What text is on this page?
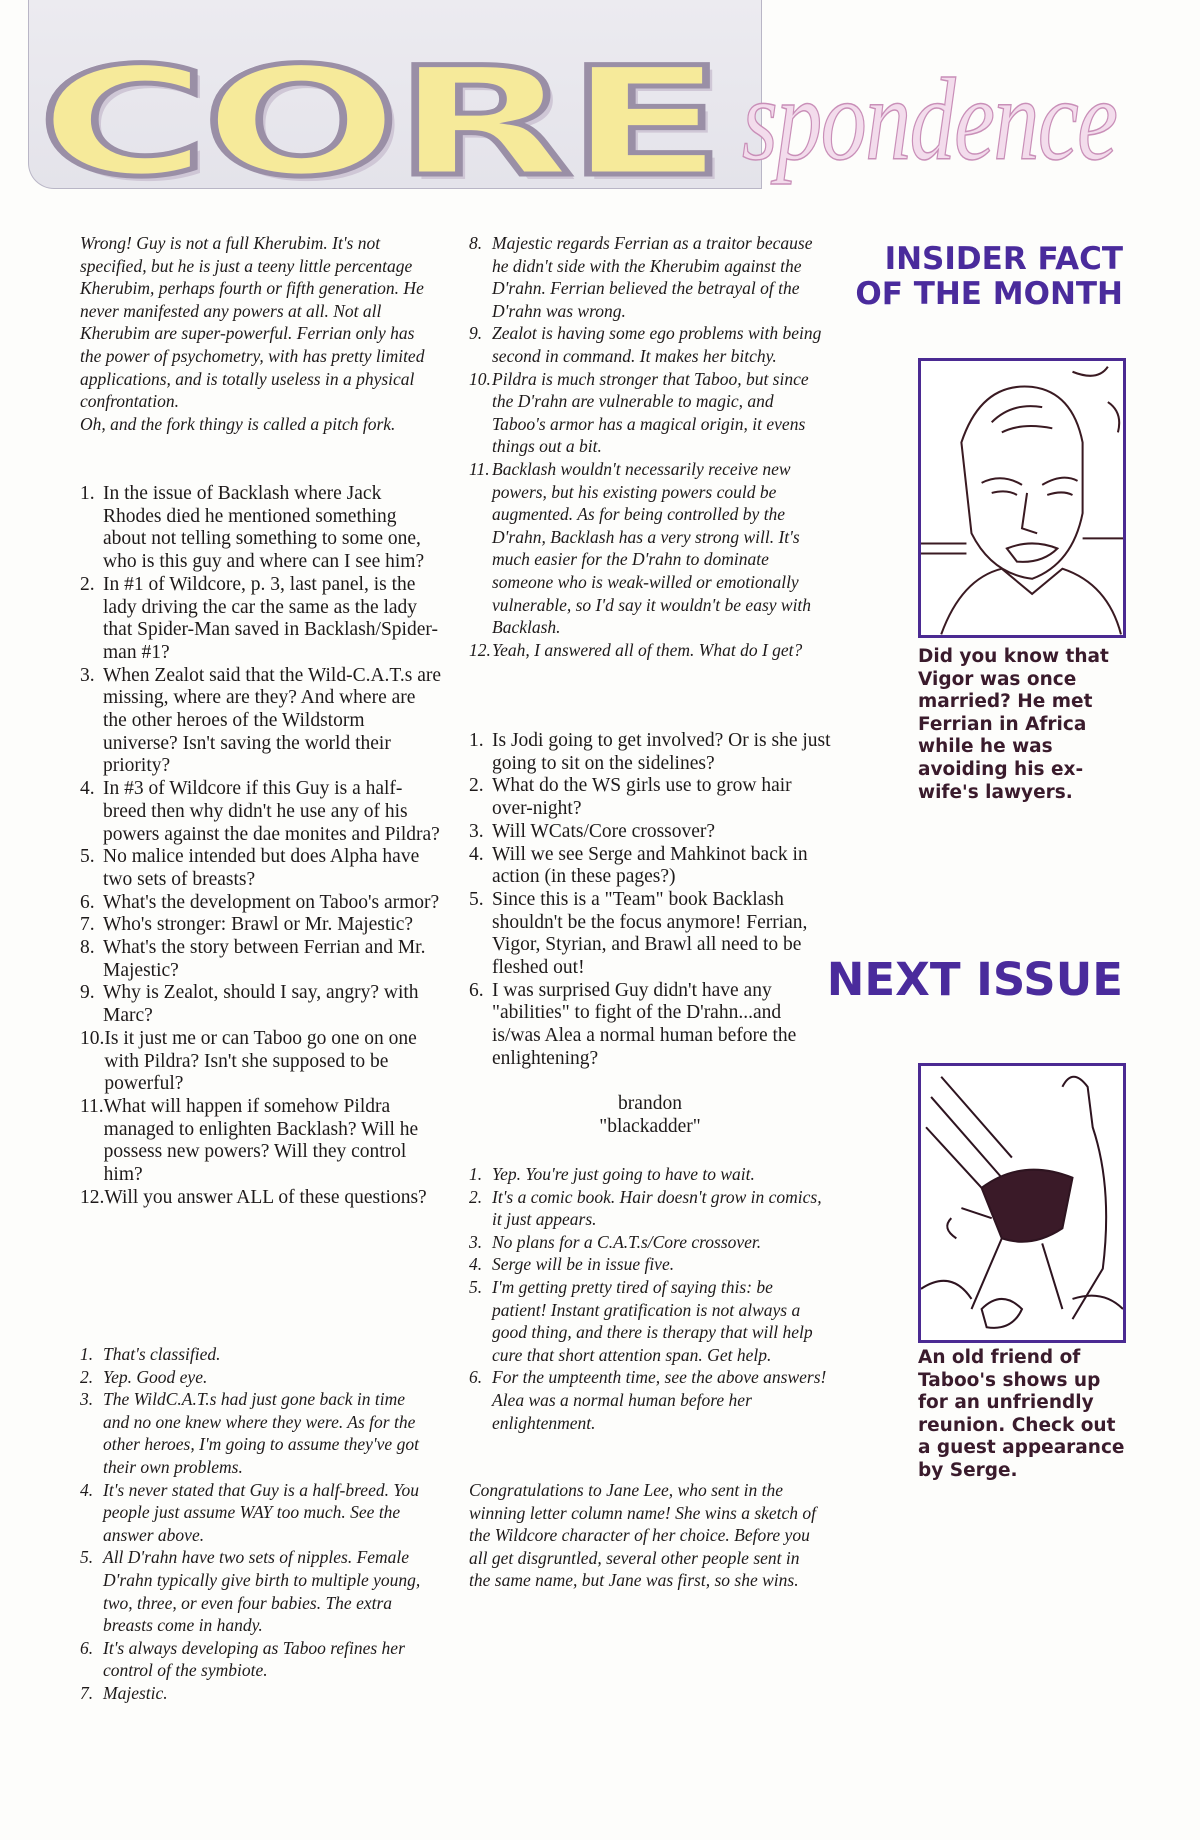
CORE spondence
Wrong! Guy is not a full Kherubim. It's not specified, but he is just a teeny little percentage Kherubim, perhaps fourth or fifth generation. He never manifested any powers at all. Not all Kherubim are super-powerful. Ferrian only has the power of psychometry, with has pretty limited applications, and is totally useless in a physical confrontation.
Oh, and the fork thingy is called a pitch fork.
1. In the issue of Backlash where Jack Rhodes died he mentioned something about not telling something to some one, who is this guy and where can I see him?
2. In #1 of Wildcore, p. 3, last panel, is the lady driving the car the same as the lady that Spider-Man saved in Backlash/Spider-man #1?
3. When Zealot said that the Wild-C.A.T.s are missing, where are they? And where are the other heroes of the Wildstorm universe? Isn't saving the world their priority?
4. In #3 of Wildcore if this Guy is a half-breed then why didn't he use any of his powers against the dae monites and Pildra?
5. No malice intended but does Alpha have two sets of breasts?
6. What's the development on Taboo's armor?
7. Who's stronger: Brawl or Mr. Majestic?
8. What's the story between Ferrian and Mr. Majestic?
9. Why is Zealot, should I say, angry? with Marc?
10. Is it just me or can Taboo go one on one with Pildra? Isn't she supposed to be powerful?
11. What will happen if somehow Pildra managed to enlighten Backlash? Will he possess new powers? Will they control him?
12. Will you answer ALL of these questions?
1. That's classified.
2. Yep. Good eye.
3. The WildC.A.T.s had just gone back in time and no one knew where they were. As for the other heroes, I'm going to assume they've got their own problems.
4. It's never stated that Guy is a half-breed. You people just assume WAY too much. See the answer above.
5. All D'rahn have two sets of nipples. Female D'rahn typically give birth to multiple young, two, three, or even four babies. The extra breasts come in handy.
6. It's always developing as Taboo refines her control of the symbiote.
7. Majestic.
8. Majestic regards Ferrian as a traitor because he didn't side with the Kherubim against the D'rahn. Ferrian believed the betrayal of the D'rahn was wrong.
9. Zealot is having some ego problems with being second in command. It makes her bitchy.
10. Pildra is much stronger that Taboo, but since the D'rahn are vulnerable to magic, and Taboo's armor has a magical origin, it evens things out a bit.
11. Backlash wouldn't necessarily receive new powers, but his existing powers could be augmented. As for being controlled by the D'rahn, Backlash has a very strong will. It's much easier for the D'rahn to dominate someone who is weak-willed or emotionally vulnerable, so I'd say it wouldn't be easy with Backlash.
12. Yeah, I answered all of them. What do I get?
1. Is Jodi going to get involved? Or is she just going to sit on the sidelines?
2. What do the WS girls use to grow hair over-night?
3. Will WCats/Core crossover?
4. Will we see Serge and Mahkinot back in action (in these pages?)
5. Since this is a "Team" book Backlash shouldn't be the focus anymore! Ferrian, Vigor, Styrian, and Brawl all need to be fleshed out!
6. I was surprised Guy didn't have any "abilities" to fight of the D'rahn...and is/was Alea a normal human before the enlightening?
brandon
"blackadder"
1. Yep. You're just going to have to wait.
2. It's a comic book. Hair doesn't grow in comics, it just appears.
3. No plans for a C.A.T.s/Core crossover.
4. Serge will be in issue five.
5. I'm getting pretty tired of saying this: be patient! Instant gratification is not always a good thing, and there is therapy that will help cure that short attention span. Get help.
6. For the umpteenth time, see the above answers! Alea was a normal human before her enlightenment.
Congratulations to Jane Lee, who sent in the winning letter column name! She wins a sketch of the Wildcore character of her choice. Before you all get disgruntled, several other people sent in the same name, but Jane was first, so she wins.
INSIDER FACT
OF THE MONTH
Did you know that Vigor was once married? He met Ferrian in Africa while he was avoiding his ex-wife's lawyers.
NEXT ISSUE
An old friend of Taboo's shows up for an unfriendly reunion. Check out a guest appearance by Serge.
